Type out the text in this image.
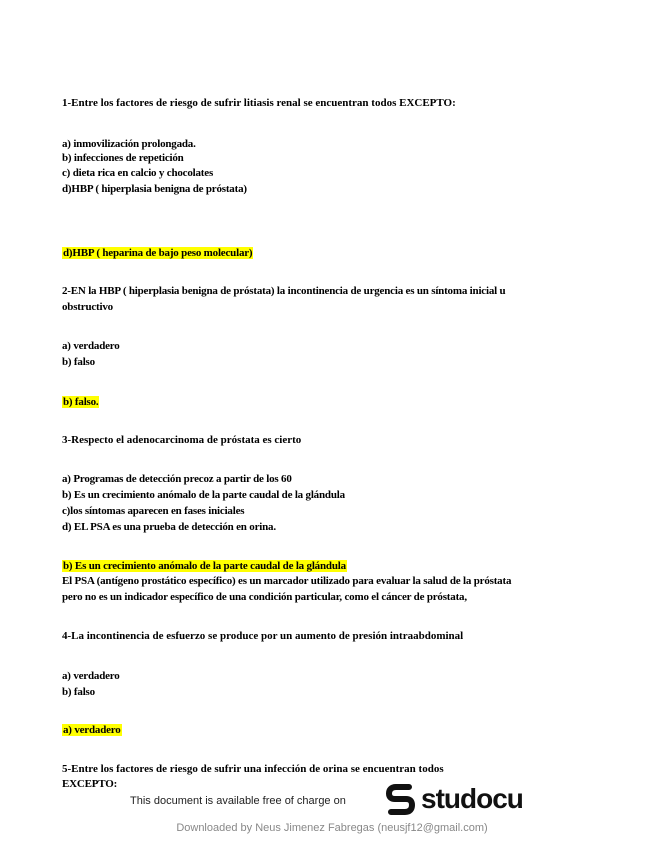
1-Entre los factores de riesgo de sufrir litiasis renal se encuentran todos EXCEPTO:
a) inmovilización prolongada.
b) infecciones de repetición
c) dieta rica en calcio y chocolates
d)HBP ( hiperplasia benigna de próstata)
d)HBP ( heparina de bajo peso molecular)
2-EN la HBP ( hiperplasia benigna de próstata) la incontinencia de urgencia es un síntoma inicial u
obstructivo
a) verdadero
b) falso
b) falso.
3-Respecto el adenocarcinoma de próstata es cierto
a) Programas de detección precoz a partir de los 60
b) Es un crecimiento anómalo de la parte caudal de la glándula
c)los síntomas aparecen en fases iniciales
d) EL PSA es una prueba de detección en orina.
b) Es un crecimiento anómalo de la parte caudal de la glándula
El PSA (antígeno prostático específico) es un marcador utilizado para evaluar la salud de la próstata
pero no es un indicador específico de una condición particular, como el cáncer de próstata,
4-La incontinencia de esfuerzo se produce por un aumento de presión intraabdominal
a) verdadero
b) falso
a) verdadero
5-Entre los factores de riesgo de sufrir una infección de orina se encuentran todos
EXCEPTO:
This document is available free of charge on	studocu
Downloaded by Neus Jimenez Fabregas (neusjf12@gmail.com)
